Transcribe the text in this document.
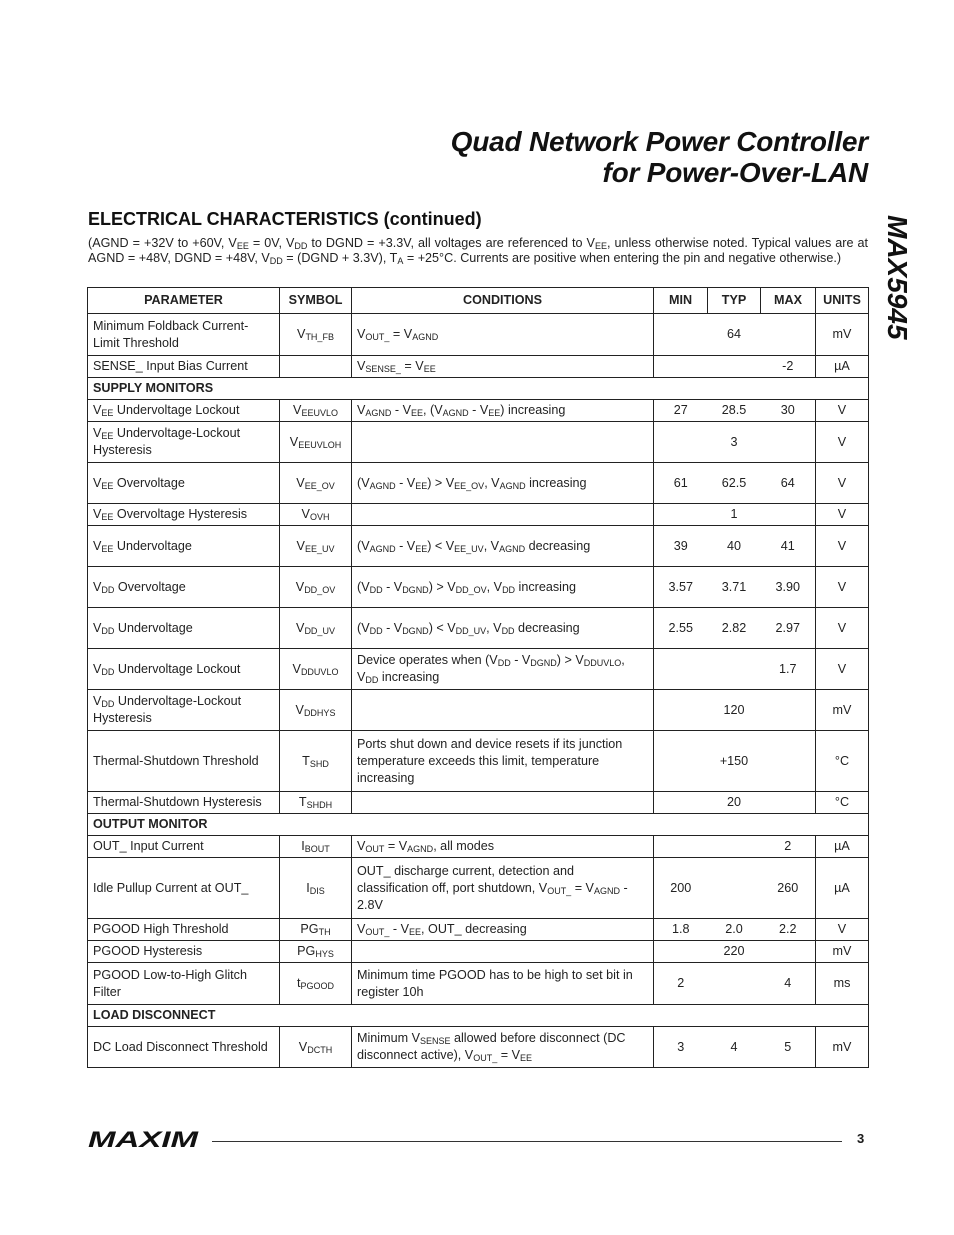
Quad Network Power Controller
for Power-Over-LAN
MAX5945
ELECTRICAL CHARACTERISTICS (continued)
(AGND = +32V to +60V, $V_{EE} = 0V$, $V_{DD}$ to DGND = +3.3V, all voltages are referenced to $V_{EE}$, unless otherwise noted. Typical values are at AGND = +48V, DGND = +48V, $V_{DD}$ = (DGND + 3.3V), $T_A = +25^\circ C$. Currents are positive when entering the pin and negative otherwise.)
PARAMETER	SYMBOL	CONDITIONS	MIN	TYP	MAX	UNITS
Minimum Foldback Current-Limit Threshold	$V_{TH\_FB}$	$V_{OUT\_} = V_{AGND}$		64		mV
SENSE_ Input Bias Current		$V_{SENSE\_} = V_{EE}$			-2	µA
SUPPLY MONITORS						
$V_{EE}$ Undervoltage Lockout	$V_{EEUVLO}$	$V_{AGND} - V_{EE}$, $(V_{AGND} - V_{EE})$ increasing	27	28.5	30	V
$V_{EE}$ Undervoltage-Lockout Hysteresis	$V_{EEUVLOH}$			3		V
$V_{EE}$ Overvoltage	$V_{EE\_OV}$	$(V_{AGND} - V_{EE}) > V_{EE\_OV}$, $V_{AGND}$ increasing	61	62.5	64	V
$V_{EE}$ Overvoltage Hysteresis	$V_{OVH}$			1		V
$V_{EE}$ Undervoltage	$V_{EE\_UV}$	$(V_{AGND} - V_{EE}) < V_{EE\_UV}$, $V_{AGND}$ decreasing	39	40	41	V
$V_{DD}$ Overvoltage	$V_{DD\_OV}$	$(V_{DD} - V_{DGND}) > V_{DD\_OV}$, $V_{DD}$ increasing	3.57	3.71	3.90	V
$V_{DD}$ Undervoltage	$V_{DD\_UV}$	$(V_{DD} - V_{DGND}) < V_{DD\_UV}$, $V_{DD}$ decreasing	2.55	2.82	2.97	V
$V_{DD}$ Undervoltage Lockout	$V_{DDUVLO}$	Device operates when $(V_{DD} - V_{DGND}) > V_{DDUVLO}$, $V_{DD}$ increasing			1.7	V
$V_{DD}$ Undervoltage-Lockout Hysteresis	$V_{DDHYS}$			120		mV
Thermal-Shutdown Threshold	$T_{SHD}$	Ports shut down and device resets if its junction temperature exceeds this limit, temperature increasing		+150		°C
Thermal-Shutdown Hysteresis	$T_{SHDH}$			20		°C
OUTPUT MONITOR						
OUT_ Input Current	$I_{BOUT}$	$V_{OUT} = V_{AGND}$, all modes			2	µA
Idle Pullup Current at OUT_	$I_{DIS}$	OUT_ discharge current, detection and classification off, port shutdown, $V_{OUT\_} = V_{AGND} - 2.8V$	200		260	µA
PGOOD High Threshold	$PG_{TH}$	$V_{OUT\_} - V_{EE}$, OUT_ decreasing	1.8	2.0	2.2	V
PGOOD Hysteresis	$PG_{HYS}$			220		mV
PGOOD Low-to-High Glitch Filter	$t_{PGOOD}$	Minimum time PGOOD has to be high to set bit in register 10h	2		4	ms
LOAD DISCONNECT						
DC Load Disconnect Threshold	$V_{DCTH}$	Minimum $V_{SENSE}$ allowed before disconnect (DC disconnect active), $V_{OUT\_} = V_{EE}$	3	4	5	mV
MAXIM	3
